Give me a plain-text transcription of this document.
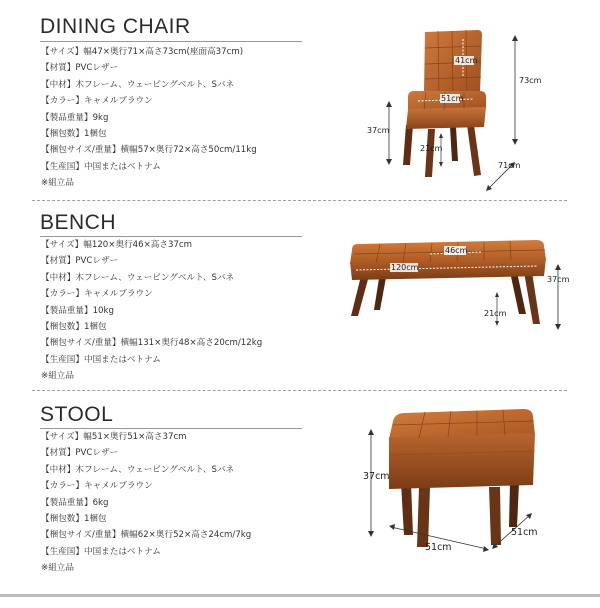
DINING CHAIR
【サイズ】幅47×奥行71×高さ73cm(座面高37cm)
【材質】PVCレザー
【中材】木フレーム、ウェービングベルト、Sバネ
【カラー】キャメルブラウン
【製品重量】9kg
【梱包数】1梱包
【梱包サイズ/重量】横幅57×奥行72×高さ50cm/11kg
【生産国】中国またはベトナム
※組立品
41cm
51cm
73cm
37cm
21cm
71cm
BENCH
【サイズ】幅120×奥行46×高さ37cm
【材質】PVCレザー
【中材】木フレーム、ウェービングベルト、Sバネ
【カラー】キャメルブラウン
【製品重量】10kg
【梱包数】1梱包
【梱包サイズ/重量】横幅131×奥行48×高さ20cm/12kg
【生産国】中国またはベトナム
※組立品
46cm
120cm
37cm
21cm
STOOL
【サイズ】幅51×奥行51×高さ37cm
【材質】PVCレザー
【中材】木フレーム、ウェービングベルト、Sバネ
【カラー】キャメルブラウン
【製品重量】6kg
【梱包数】1梱包
【梱包サイズ/重量】横幅62×奥行52×高さ24cm/7kg
【生産国】中国またはベトナム
※組立品
37cm
51cm
51cm
